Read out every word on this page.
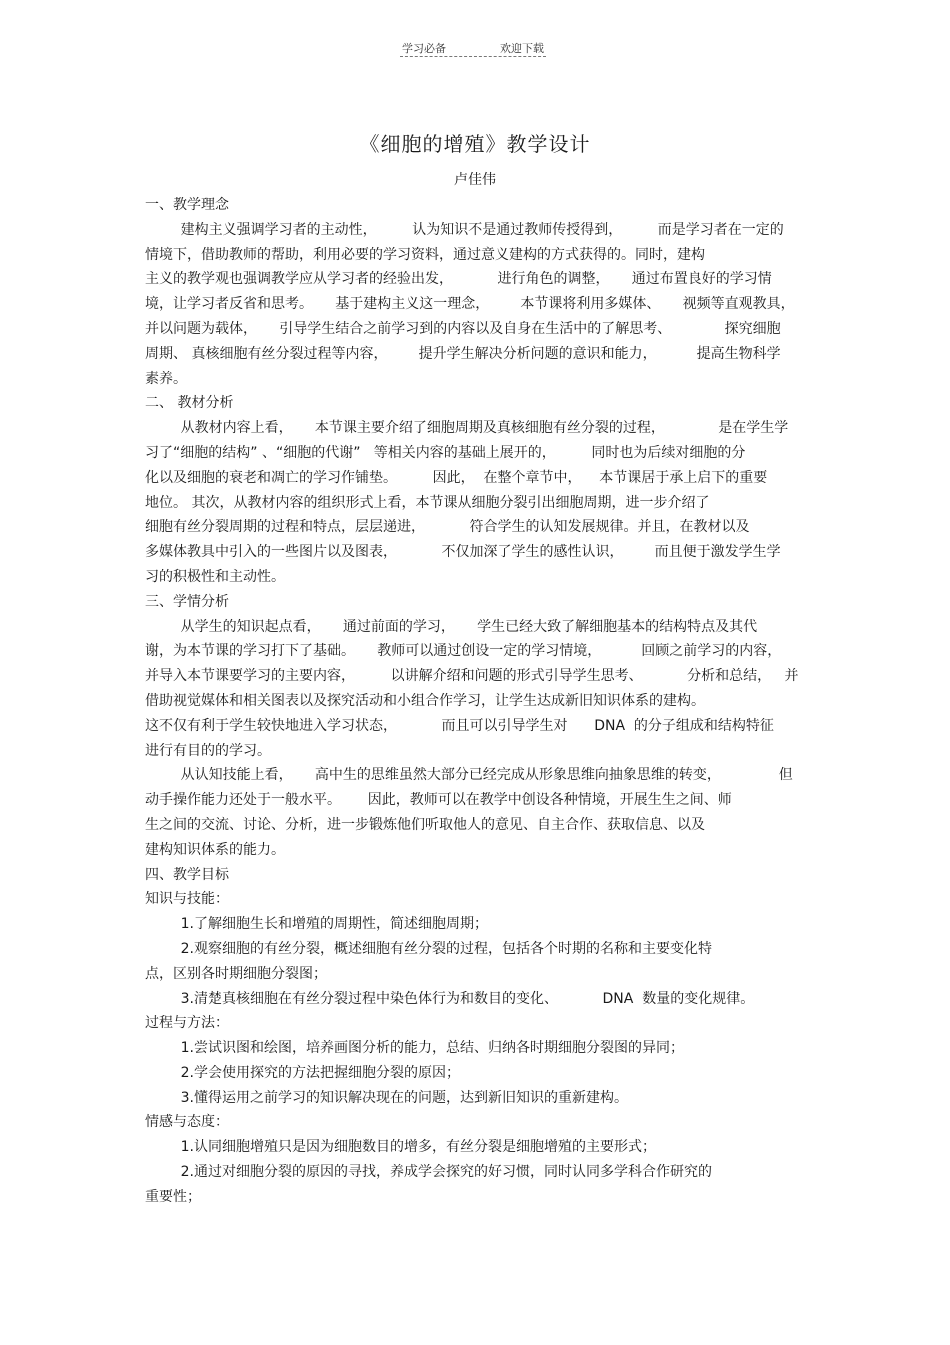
学习必备	欢迎下载
《细胞的增殖》教学设计
卢佳伟
一、教学理念
建构主义强调学习者的主动性，        认为知识不是通过教师传授得到，        而是学习者在一定的
情境下，借助教师的帮助，利用必要的学习资料，通过意义建构的方式获得的。同时，建构
主义的教学观也强调教学应从学习者的经验出发，          进行角色的调整，     通过布置良好的学习情
境，让学习者反省和思考。     基于建构主义这一理念，       本节课将利用多媒体、     视频等直观教具，
并以问题为载体，     引导学生结合之前学习到的内容以及自身在生活中的了解思考、            探究细胞
周期、 真核细胞有丝分裂过程等内容，       提升学生解决分析问题的意识和能力，         提高生物科学
素养。
二、 教材分析
从教材内容上看，     本节课主要介绍了细胞周期及真核细胞有丝分裂的过程，            是在学生学
习了“细胞的结构” 、“细胞的代谢”   等相关内容的基础上展开的，        同时也为后续对细胞的分
化以及细胞的衰老和凋亡的学习作铺垫。        因此，  在整个章节中，    本节课居于承上启下的重要
地位。 其次，从教材内容的组织形式上看，本节课从细胞分裂引出细胞周期，进一步介绍了
细胞有丝分裂周期的过程和特点，层层递进，          符合学生的认知发展规律。并且，在教材以及
多媒体教具中引入的一些图片以及图表，          不仅加深了学生的感性认识，       而且便于激发学生学
习的积极性和主动性。
三、学情分析
从学生的知识起点看，     通过前面的学习，     学生已经大致了解细胞基本的结构特点及其代
谢，为本节课的学习打下了基础。     教师可以通过创设一定的学习情境，         回顾之前学习的内容，
并导入本节课要学习的主要内容，        以讲解介绍和问题的形式引导学生思考、          分析和总结，   并
借助视觉媒体和相关图表以及探究活动和小组合作学习，让学生达成新旧知识体系的建构。
这不仅有利于学生较快地进入学习状态，          而且可以引导学生对      DNA  的分子组成和结构特征
进行有目的的学习。
从认知技能上看，     高中生的思维虽然大部分已经完成从形象思维向抽象思维的转变，             但
动手操作能力还处于一般水平。      因此，教师可以在教学中创设各种情境，开展生生之间、师
生之间的交流、讨论、分析，进一步锻炼他们听取他人的意见、自主合作、获取信息、以及
建构知识体系的能力。
四、教学目标
知识与技能：
1.了解细胞生长和增殖的周期性，简述细胞周期；
2.观察细胞的有丝分裂，概述细胞有丝分裂的过程，包括各个时期的名称和主要变化特
点，区别各时期细胞分裂图；
3.清楚真核细胞在有丝分裂过程中染色体行为和数目的变化、          DNA  数量的变化规律。
过程与方法：
1.尝试识图和绘图，培养画图分析的能力，总结、归纳各时期细胞分裂图的异同；
2.学会使用探究的方法把握细胞分裂的原因；
3.懂得运用之前学习的知识解决现在的问题，达到新旧知识的重新建构。
情感与态度：
1.认同细胞增殖只是因为细胞数目的增多，有丝分裂是细胞增殖的主要形式；
2.通过对细胞分裂的原因的寻找，养成学会探究的好习惯，同时认同多学科合作研究的
重要性；
